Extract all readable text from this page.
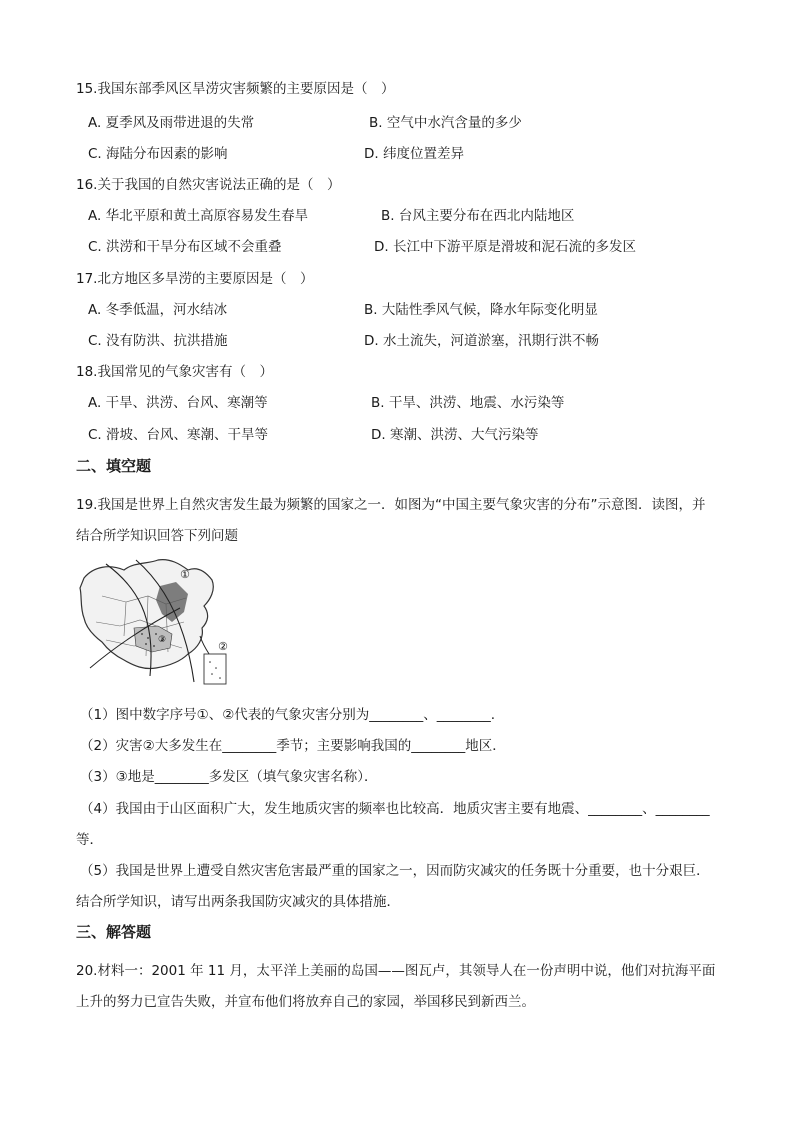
15.我国东部季风区旱涝灾害频繁的主要原因是（　）
A. 夏季风及雨带进退的失常	B. 空气中水汽含量的多少
C. 海陆分布因素的影响	D. 纬度位置差异
16.关于我国的自然灾害说法正确的是（　）
A. 华北平原和黄土高原容易发生春旱	B. 台风主要分布在西北内陆地区
C. 洪涝和干旱分布区域不会重叠	D. 长江中下游平原是滑坡和泥石流的多发区
17.北方地区多旱涝的主要原因是（　）
A. 冬季低温，河水结冰	B. 大陆性季风气候，降水年际变化明显
C. 没有防洪、抗洪措施	D. 水土流失，河道淤塞，汛期行洪不畅
18.我国常见的气象灾害有（　）
A. 干旱、洪涝、台风、寒潮等	B. 干旱、洪涝、地震、水污染等
C. 滑坡、台风、寒潮、干旱等	D. 寒潮、洪涝、大气污染等
二、填空题
19.我国是世界上自然灾害发生最为频繁的国家之一．如图为“中国主要气象灾害的分布”示意图．读图，并
结合所学知识回答下列问题
①
②
③
（1）图中数字序号①、②代表的气象灾害分别为________、________.
（2）灾害②大多发生在________季节；主要影响我国的________地区．
（3）③地是________多发区（填气象灾害名称）．
（4）我国由于山区面积广大，发生地质灾害的频率也比较高．地质灾害主要有地震、________、________
等．
（5）我国是世界上遭受自然灾害危害最严重的国家之一，因而防灾减灾的任务既十分重要，也十分艰巨．
结合所学知识，请写出两条我国防灾减灾的具体措施．
三、解答题
20.材料一：2001 年 11 月，太平洋上美丽的岛国——图瓦卢，其领导人在一份声明中说，他们对抗海平面
上升的努力已宣告失败，并宣布他们将放弃自己的家园，举国移民到新西兰。
